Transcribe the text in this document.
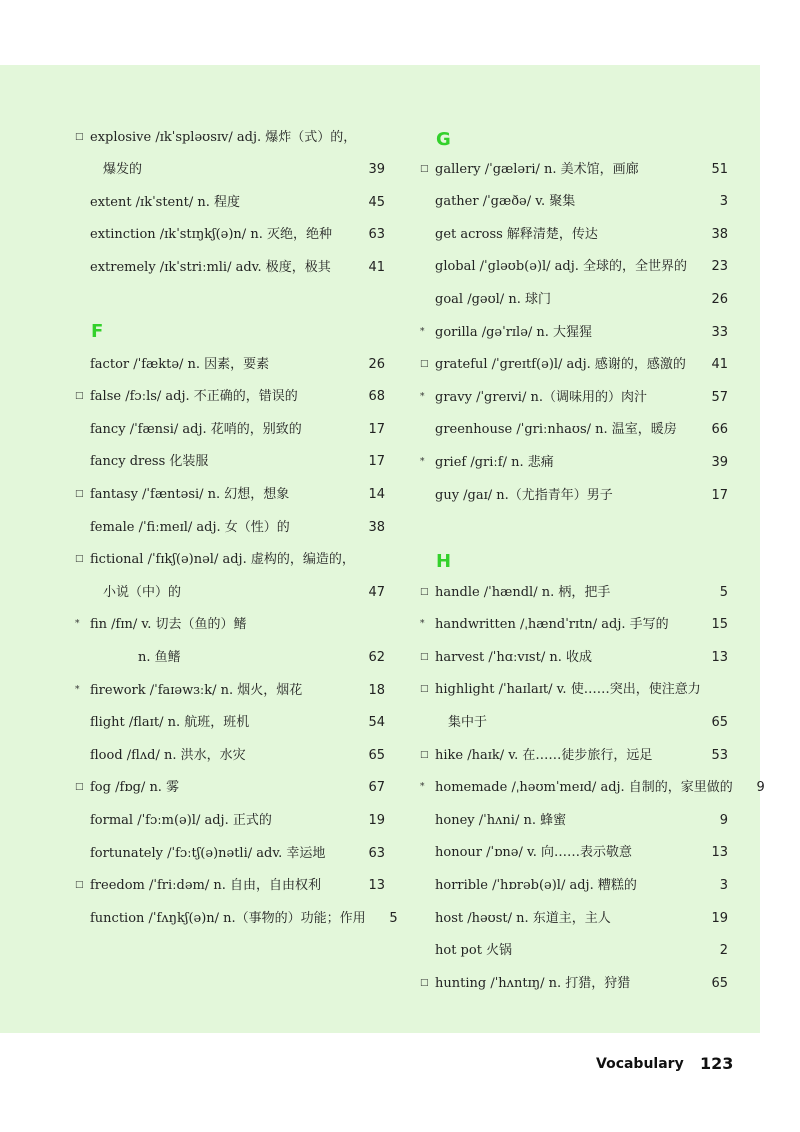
□ explosive /ɪkˈspləʊsɪv/ adj. 爆炸（式）的，
爆发的	39
extent /ɪkˈstent/ n. 程度	45
extinction /ɪkˈstɪŋkʃ(ə)n/ n. 灭绝，绝种	63
extremely /ɪkˈstriːmli/ adv. 极度，极其	41
F
factor /ˈfæktə/ n. 因素，要素	26
□ false /fɔːls/ adj. 不正确的，错误的	68
fancy /ˈfænsi/ adj. 花哨的，别致的	17
fancy dress 化装服	17
□ fantasy /ˈfæntəsi/ n. 幻想，想象	14
female /ˈfiːmeɪl/ adj. 女（性）的	38
□ fictional /ˈfɪkʃ(ə)nəl/ adj. 虚构的，编造的，
小说（中）的	47
* fin /fɪn/ v. 切去（鱼的）鳍
n. 鱼鳍	62
* firework /ˈfaɪəwɜːk/ n. 烟火，烟花	18
flight /flaɪt/ n. 航班，班机	54
flood /flʌd/ n. 洪水，水灾	65
□ fog /fɒg/ n. 雾	67
formal /ˈfɔːm(ə)l/ adj. 正式的	19
fortunately /ˈfɔːtʃ(ə)nətli/ adv. 幸运地	63
□ freedom /ˈfriːdəm/ n. 自由，自由权利	13
function /ˈfʌŋkʃ(ə)n/ n.（事物的）功能；作用	5
G
□ gallery /ˈgæləri/ n. 美术馆，画廊	51
gather /ˈgæðə/ v. 聚集	3
get across 解释清楚，传达	38
global /ˈgləʊb(ə)l/ adj. 全球的，全世界的	23
goal /gəʊl/ n. 球门	26
* gorilla /gəˈrɪlə/ n. 大猩猩	33
□ grateful /ˈgreɪtf(ə)l/ adj. 感谢的，感激的	41
* gravy /ˈgreɪvi/ n.（调味用的）肉汁	57
greenhouse /ˈgriːnhaʊs/ n. 温室，暖房	66
* grief /griːf/ n. 悲痛	39
guy /gaɪ/ n.（尤指青年）男子	17
H
□ handle /ˈhændl/ n. 柄，把手	5
* handwritten /ˌhændˈrɪtn/ adj. 手写的	15
□ harvest /ˈhɑːvɪst/ n. 收成	13
□ highlight /ˈhaɪlaɪt/ v. 使……突出，使注意力
集中于	65
□ hike /haɪk/ v. 在……徒步旅行，远足	53
* homemade /ˌhəʊmˈmeɪd/ adj. 自制的，家里做的	9
honey /ˈhʌni/ n. 蜂蜜	9
honour /ˈɒnə/ v. 向……表示敬意	13
horrible /ˈhɒrəb(ə)l/ adj. 糟糕的	3
host /həʊst/ n. 东道主，主人	19
hot pot 火锅	2
□ hunting /ˈhʌntɪŋ/ n. 打猎，狩猎	65
Vocabulary 123
